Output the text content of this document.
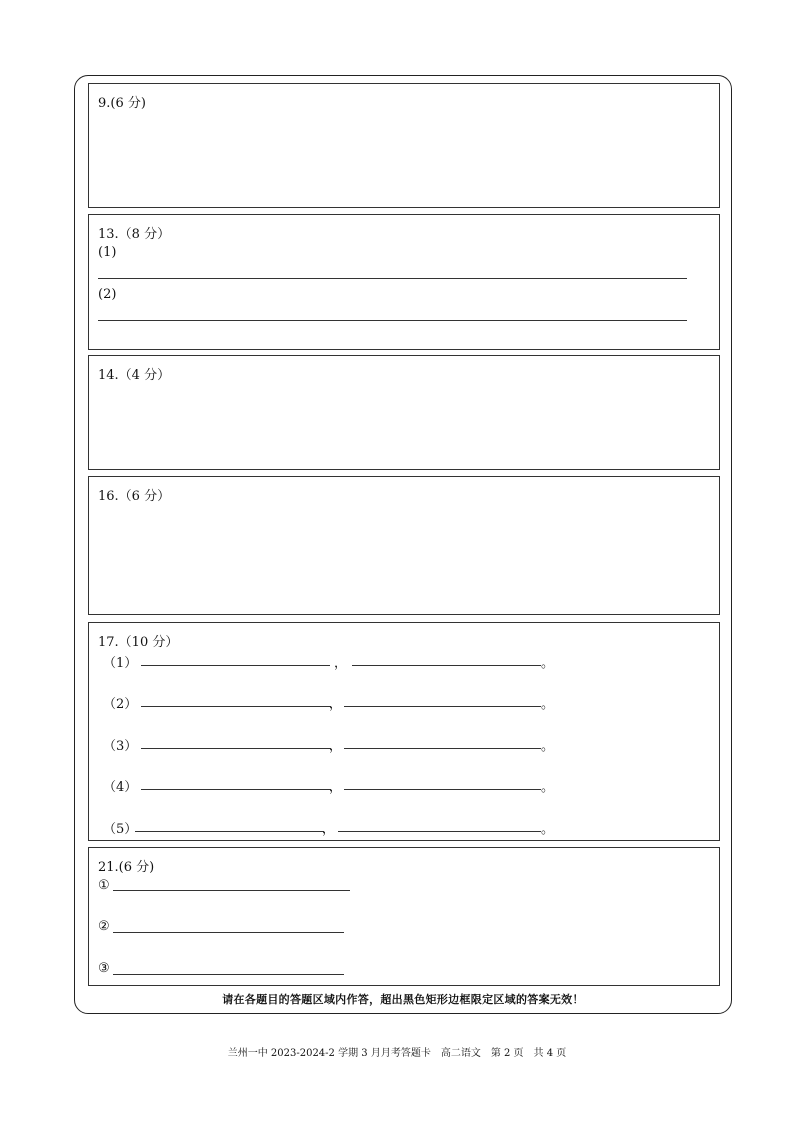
9.(6 分)
13.（8 分）
(1)
(2)
14.（4 分）
16.（6 分）
17.（10 分）
（1）	，	。
（2）	，	。
（3）	，	。
（4）	，	。
（5）	，	。
21.(6 分)
①
②
③
请在各题目的答题区域内作答，超出黑色矩形边框限定区域的答案无效！
兰州一中 2023-2024-2 学期 3 月月考答题卡　高二语文　第 2 页　共 4 页
